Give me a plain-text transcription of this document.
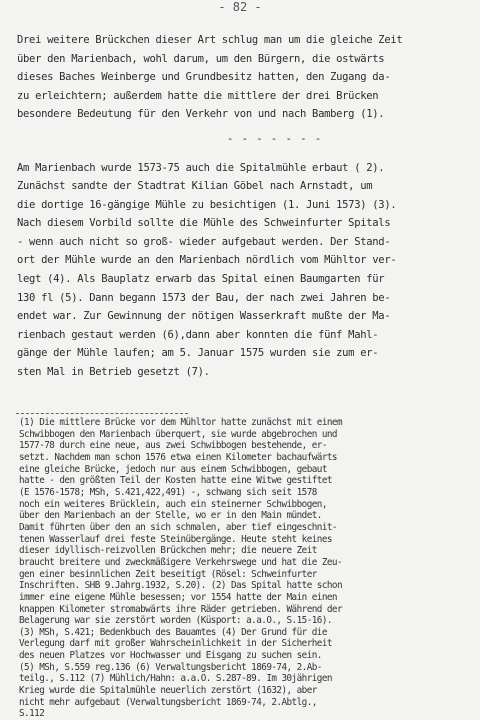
- 82 -

Drei weitere Brückchen dieser Art schlug man um die gleiche Zeit

über den Marienbach, wohl darum, um den Bürgern, die ostwärts

dieses Baches Weinberge und Grundbesitz hatten, den Zugang da-

zu erleichtern; außerdem hatte die mittlere der drei Brücken

besondere Bedeutung für den Verkehr von und nach Bamberg (1).

- - - - - - -

Am Marienbach wurde 1573-75 auch die Spitalmühle erbaut ( 2).

Zunächst sandte der Stadtrat Kilian Göbel nach Arnstadt, um

die dortige 16-gängige Mühle zu besichtigen (1. Juni 1573) (3).

Nach diesem Vorbild sollte die Mühle des Schweinfurter Spitals

- wenn auch nicht so groß- wieder aufgebaut werden. Der Stand-

ort der Mühle wurde an den Marienbach nördlich vom Mühltor ver-

legt (4). Als Bauplatz erwarb das Spital einen Baumgarten für

130 fl (5). Dann begann 1573 der Bau, der nach zwei Jahren be-

endet war. Zur Gewinnung der nötigen Wasserkraft mußte der Ma-

rienbach gestaut werden (6),dann aber konnten die fünf Mahl-

gänge der Mühle laufen; am 5. Januar 1575 wurden sie zum er-

sten Mal in Betrieb gesetzt (7).

(1) Die mittlere Brücke vor dem Mühltor hatte zunächst mit einem

Schwibbogen den Marienbach überquert, sie wurde abgebrochen und

1577-78 durch eine neue, aus zwei Schwibbogen bestehende, er-

setzt. Nachdem man schon 1576 etwa einen Kilometer bachaufwärts

eine gleiche Brücke, jedoch nur aus einem Schwibbogen, gebaut

hatte - den größten Teil der Kosten hatte eine Witwe gestiftet

(E 1576-1578; MSh, S.421,422,491) -, schwang sich seit 1578

noch ein weiteres Brücklein, auch ein steinerner Schwibbogen,

über den Marienbach an der Stelle, wo er in den Main mündet.

Damit führten über den an sich schmalen, aber tief eingeschnit-

tenen Wasserlauf drei feste Steinübergänge. Heute steht keines

dieser idyllisch-reizvollen Brückchen mehr; die neuere Zeit

braucht breitere und zweckmäßigere Verkehrswege und hat die Zeu-

gen einer besinnlichen Zeit beseitigt (Rösel: Schweinfurter

Inschriften. SHB 9.Jahrg.1932, S.20). (2) Das Spital hatte schon

immer eine eigene Mühle besessen; vor 1554 hatte der Main einen

knappen Kilometer stromabwärts ihre Räder getrieben. Während der

Belagerung war sie zerstört worden (Küsport: a.a.O., S.15-16).

(3) MSh, S.421; Bedenkbuch des Bauamtes (4) Der Grund für die

Verlegung darf mit großer Wahrscheinlichkeit in der Sicherheit

des neuen Platzes vor Hochwasser und Eisgang zu suchen sein.

(5) MSh, S.559 reg.136 (6) Verwaltungsbericht 1869-74, 2.Ab-

teilg., S.112 (7) Mühlich/Hahn: a.a.O. S.287-89. Im 30jährigen

Krieg wurde die Spitalmühle neuerlich zerstört (1632), aber

nicht mehr aufgebaut (Verwaltungsbericht 1869-74, 2.Abtlg.,

S.112
